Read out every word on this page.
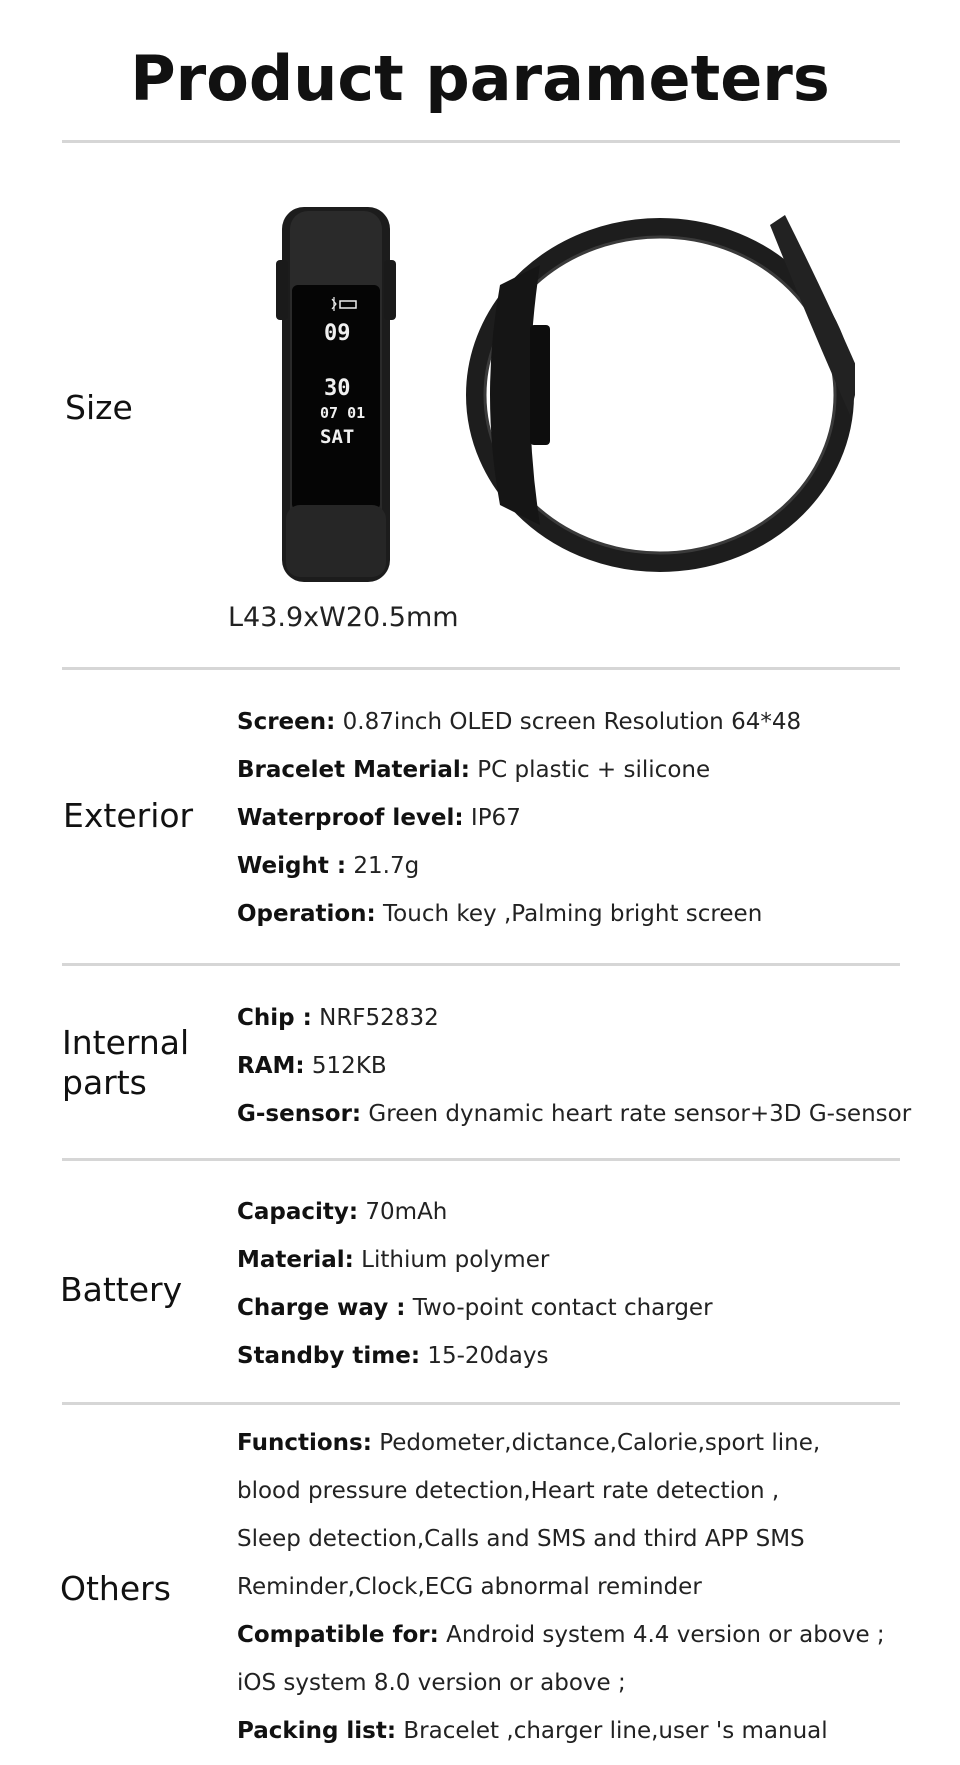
Product parameters
Size
09
30
07 01
SAT
L43.9xW20.5mm
Exterior
Screen: 0.87inch OLED screen Resolution 64*48
Bracelet Material: PC plastic + silicone
Waterproof level: IP67
Weight : 21.7g
Operation: Touch key ,Palming bright screen
Internal
parts
Chip : NRF52832
RAM: 512KB
G-sensor: Green dynamic heart rate sensor+3D G-sensor
Battery
Capacity: 70mAh
Material: Lithium polymer
Charge way : Two-point contact charger
Standby time: 15-20days
Others
Functions: Pedometer,dictance,Calorie,sport line,
blood pressure detection,Heart rate detection ,
Sleep detection,Calls and SMS and third APP SMS
Reminder,Clock,ECG abnormal reminder
Compatible for: Android system 4.4 version or above ;
iOS system 8.0 version or above ;
Packing list: Bracelet ,charger line,user 's manual
